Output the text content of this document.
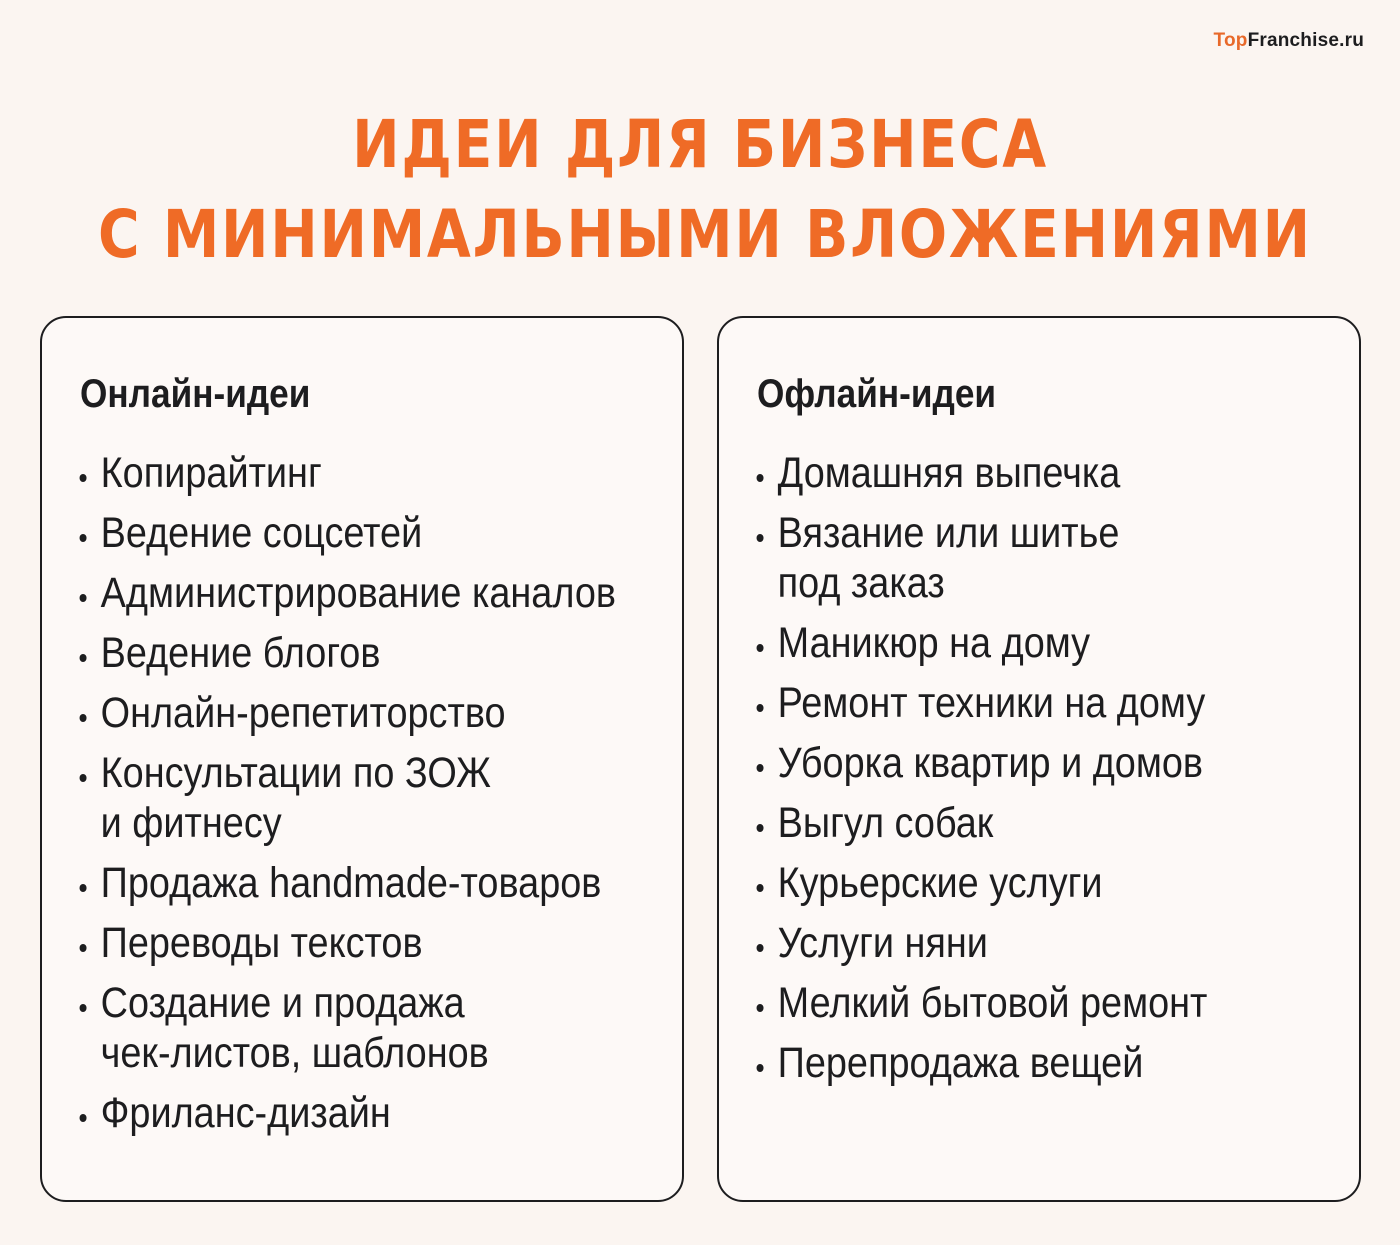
TopFranchise.ru
ИДЕИ ДЛЯ БИЗНЕСА
С МИНИМАЛЬНЫМИ ВЛОЖЕНИЯМИ
Онлайн-идеи
Копирайтинг
Ведение соцсетей
Администрирование каналов
Ведение блогов
Онлайн-репетиторство
Консультации по ЗОЖ
и фитнесу
Продажа handmade-товаров
Переводы текстов
Создание и продажа
чек-листов, шаблонов
Фриланс-дизайн
Офлайн-идеи
Домашняя выпечка
Вязание или шитье
под заказ
Маникюр на дому
Ремонт техники на дому
Уборка квартир и домов
Выгул собак
Курьерские услуги
Услуги няни
Мелкий бытовой ремонт
Перепродажа вещей
